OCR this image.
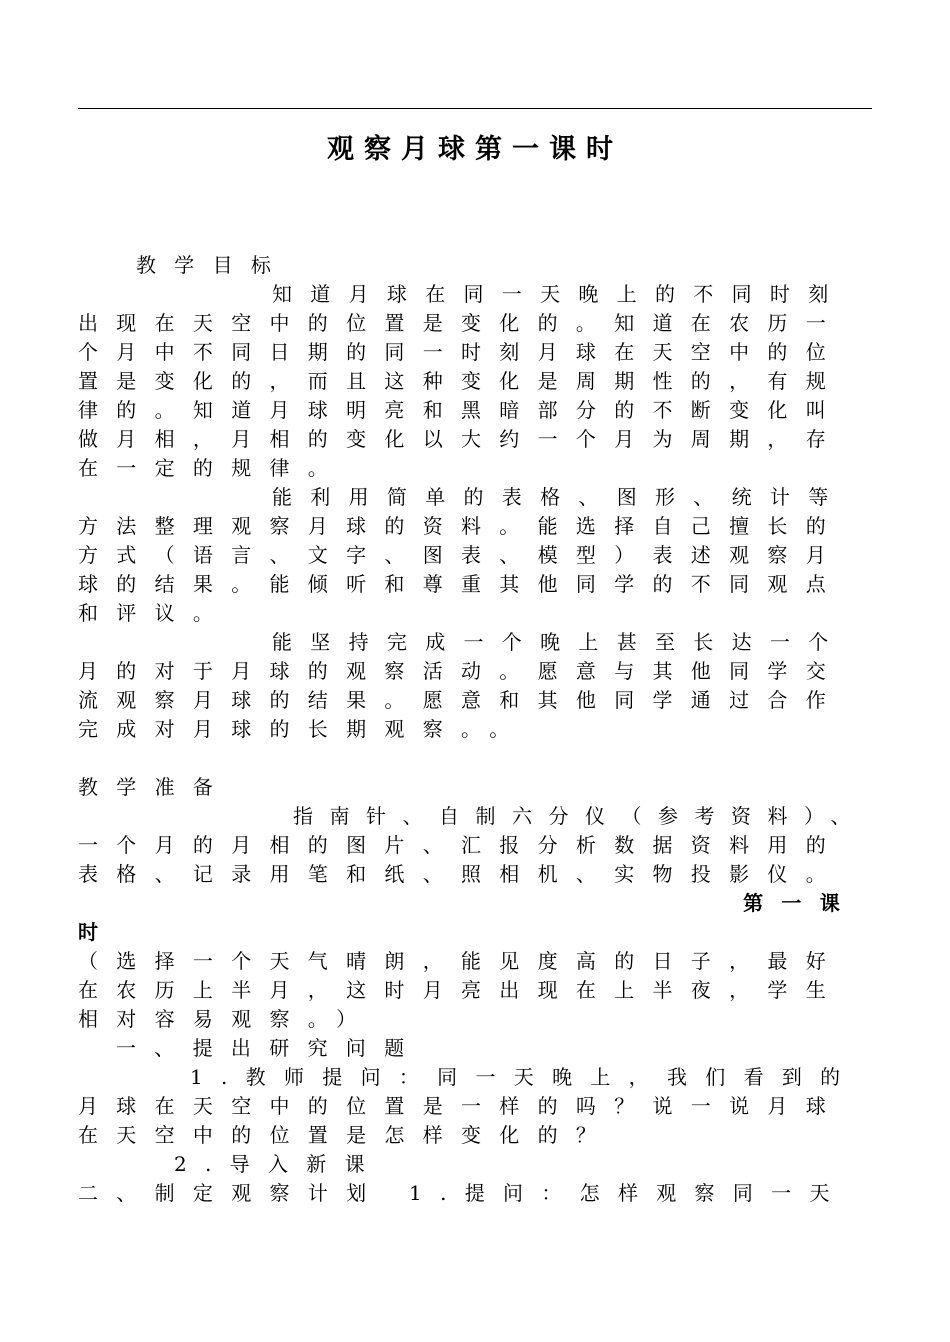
观察月球第一课时
教学目标
知道月球在同一天晚上的不同时刻
出现在天空中的位置是变化的。知道在农历一
个月中不同日期的同一时刻月球在天空中的位
置是变化的，而且这种变化是周期性的，有规
律的。知道月球明亮和黑暗部分的不断变化叫
做月相，月相的变化以大约一个月为周期，存
在一定的规律。
能利用简单的表格、图形、统计等
方法整理观察月球的资料。能选择自己擅长的
方式（语言、文字、图表、模型）表述观察月
球的结果。能倾听和尊重其他同学的不同观点
和评议。
能坚持完成一个晚上甚至长达一个
月的对于月球的观察活动。愿意与其他同学交
流观察月球的结果。愿意和其他同学通过合作
完成对月球的长期观察。。
教学准备
指南针、自制六分仪（参考资料）、
一个月的月相的图片、汇报分析数据资料用的
表格、记录用笔和纸、照相机、实物投影仪。
第一课
时
（选择一个天气晴朗，能见度高的日子，最好
在农历上半月，这时月亮出现在上半夜，学生
相对容易观察。）
一、提出研究问题
1.教师提问：同一天晚上，我们看到的
月球在天空中的位置是一样的吗？说一说月球
在天空中的位置是怎样变化的？
2.导入新课
二、制定观察计划 1.提问：怎样观察同一天
